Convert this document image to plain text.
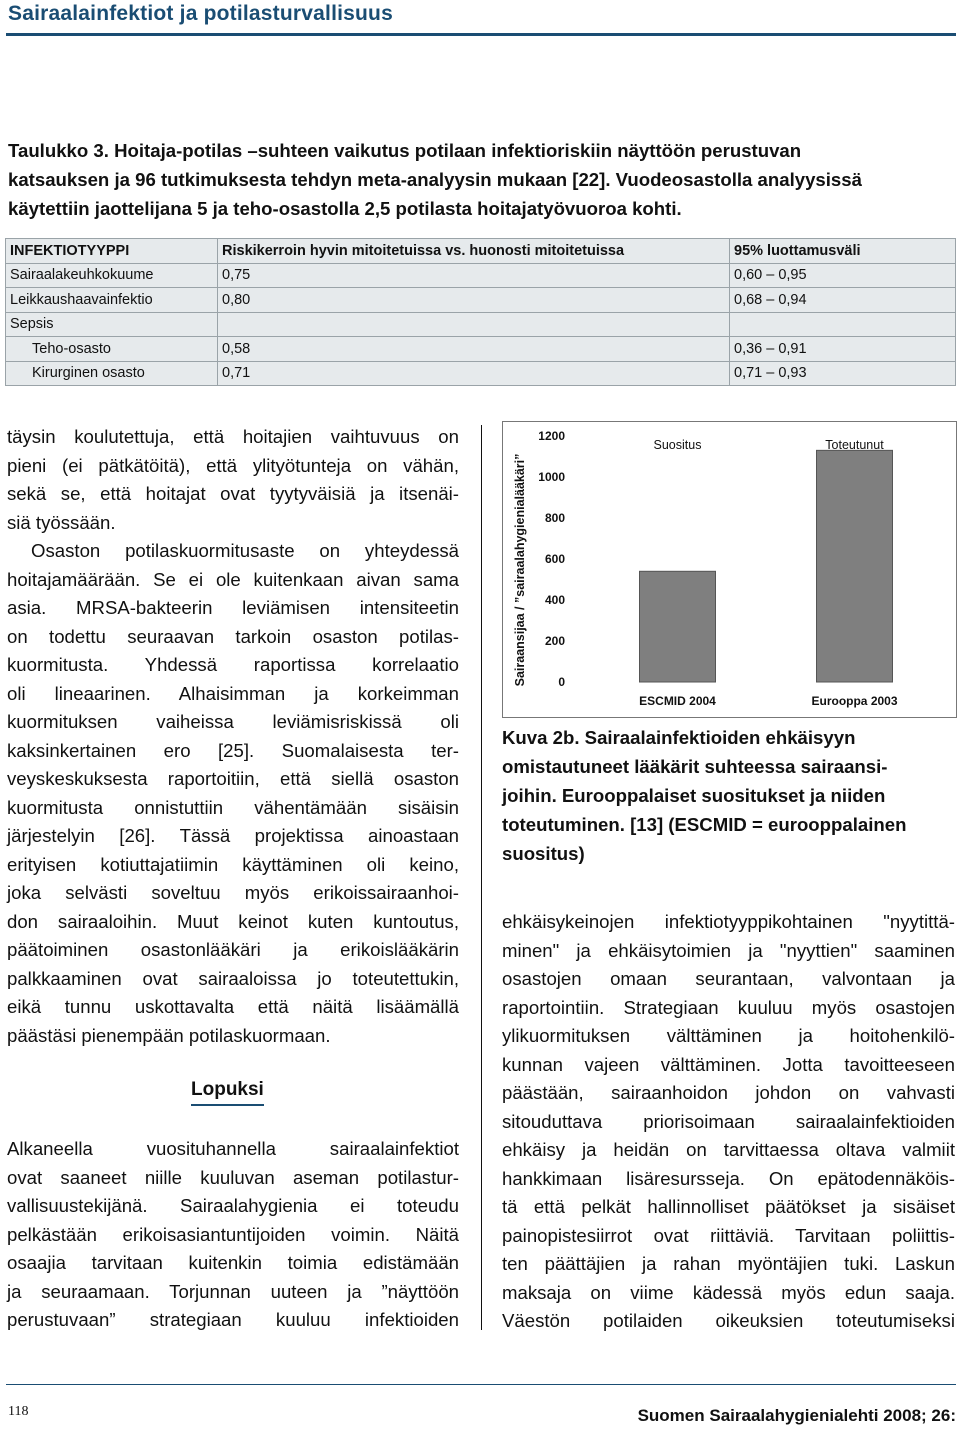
Sairaalainfektiot ja potilasturvallisuus
Taulukko 3. Hoitaja-potilas –suhteen vaikutus potilaan infektioriskiin näyttöön perustuvan
katsauksen ja 96 tutkimuksesta tehdyn meta-analyysin mukaan [22]. Vuodeosastolla analyysissä
käytettiin jaottelijana 5 ja teho-osastolla 2,5 potilasta hoitajatyövuoroa kohti.
INFEKTIOTYYPPI	Riskikerroin hyvin mitoitetuissa vs. huonosti mitoitetuissa	95% luottamusväli
Sairaalakeuhkokuume	0,75	0,60 – 0,95
Leikkaushaavainfektio	0,80	0,68 – 0,94
Sepsis		
Teho-osasto	0,58	0,36 – 0,91
Kirurginen osasto	0,71	0,71 – 0,93
täysin koulutettuja, että hoitajien vaihtuvuus on
pieni (ei pätkätöitä), että ylityötunteja on vähän,
sekä se, että hoitajat ovat tyytyväisiä ja itsenäi-
siä työssään.
Osaston potilaskuormitusaste on yhteydessä
hoitajamäärään. Se ei ole kuitenkaan aivan sama
asia. MRSA-bakteerin leviämisen intensiteetin
on todettu seuraavan tarkoin osaston potilas-
kuormitusta. Yhdessä raportissa korrelaatio
oli lineaarinen. Alhaisimman ja korkeimman
kuormituksen vaiheissa leviämisriskissä oli
kaksinkertainen ero [25]. Suomalaisesta ter-
veyskeskuksesta raportoitiin, että siellä osaston
kuormitusta onnistuttiin vähentämään sisäisin
järjestelyin [26]. Tässä projektissa ainoastaan
erityisen kotiuttajatiimin käyttäminen oli keino,
joka selvästi soveltuu myös erikoissairaanhoi-
don sairaaloihin. Muut keinot kuten kuntoutus,
päätoiminen osastonlääkäri ja erikoislääkärin
palkkaaminen ovat sairaaloissa jo toteutettukin,
eikä tunnu uskottavalta että näitä lisäämällä
päästäsi pienempään potilaskuormaan.
Lopuksi
Alkaneella vuosituhannella sairaalainfektiot
ovat saaneet niille kuuluvan aseman potilastur-
vallisuustekijänä. Sairaalahygienia ei toteudu
pelkästään erikoisasiantuntijoiden voimin. Näitä
osaajia tarvitaan kuitenkin toimia edistämään
ja seuraamaan. Torjunnan uuteen ja ”näyttöön
perustuvaan” strategiaan kuuluu infektioiden
Sairaansijaa / ”sairaalahygienialääkäri”	0
200
400
600
800
1000
1200
ESCMID 2004
Suositus
Eurooppa 2003
Toteutunut
Kuva 2b. Sairaalainfektioiden ehkäisyyn
omistautuneet lääkärit suhteessa sairaansi-
joihin. Eurooppalaiset suositukset ja niiden
toteutuminen. [13] (ESCMID = eurooppalainen
suositus)
ehkäisykeinojen infektiotyyppikohtainen "nyytittä-
minen" ja ehkäisytoimien ja "nyyttien" saaminen
osastojen omaan seurantaan, valvontaan ja
raportointiin. Strategiaan kuuluu myös osastojen
ylikuormituksen välttäminen ja hoitohenkilö-
kunnan vajeen välttäminen. Jotta tavoitteeseen
päästään, sairaanhoidon johdon on vahvasti
sitouduttava priorisoimaan sairaalainfektioiden
ehkäisy ja heidän on tarvittaessa oltava valmiit
hankkimaan lisäresursseja. On epätodennäköis-
tä että pelkät hallinnolliset päätökset ja sisäiset
painopistesiirrot ovat riittäviä. Tarvitaan poliittis-
ten päättäjien ja rahan myöntäjien tuki. Laskun
maksaja on viime kädessä myös edun saaja.
Väestön potilaiden oikeuksien toteutumiseksi
118	Suomen Sairaalahygienialehti 2008; 26:
